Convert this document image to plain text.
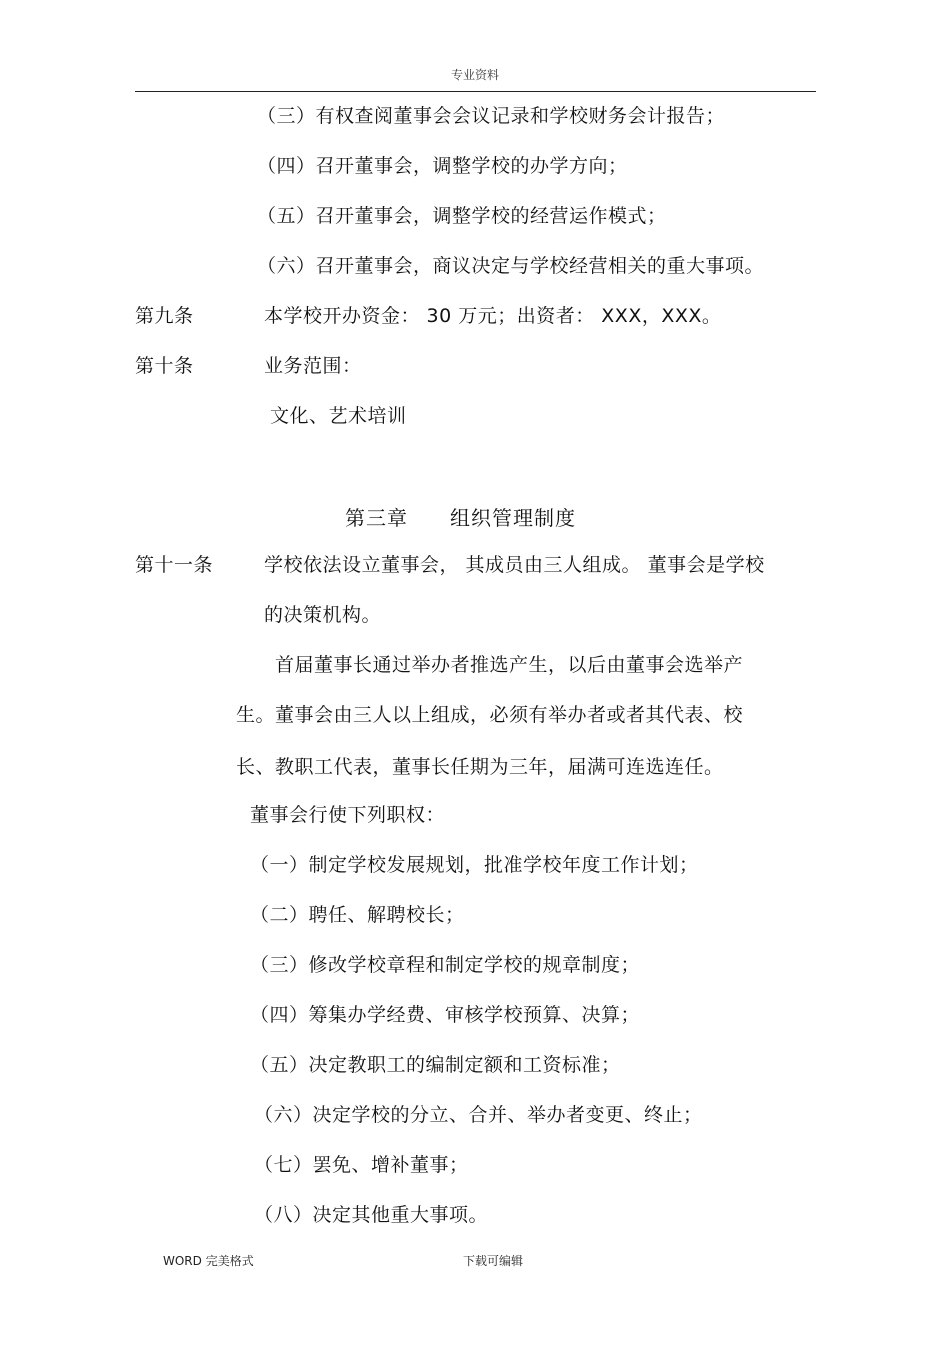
专业资料
（三）有权查阅董事会会议记录和学校财务会计报告；
（四）召开董事会，调整学校的办学方向；
（五）召开董事会，调整学校的经营运作模式；
（六）召开董事会，商议决定与学校经营相关的重大事项。
第九条	本学校开办资金： 30 万元；出资者： XXX，XXX。
第十条	业务范围：
文化、艺术培训
第三章　　组织管理制度
第十一条	学校依法设立董事会， 其成员由三人组成。 董事会是学校
的决策机构。
首届董事长通过举办者推选产生，以后由董事会选举产
生。董事会由三人以上组成，必须有举办者或者其代表、校
长、教职工代表，董事长任期为三年，届满可连选连任。
董事会行使下列职权：
（一）制定学校发展规划，批准学校年度工作计划；
（二）聘任、解聘校长；
（三）修改学校章程和制定学校的规章制度；
（四）筹集办学经费、审核学校预算、决算；
（五）决定教职工的编制定额和工资标准；
（六）决定学校的分立、合并、举办者变更、终止；
（七）罢免、增补董事；
（八）决定其他重大事项。
WORD 完美格式	下载可编辑
